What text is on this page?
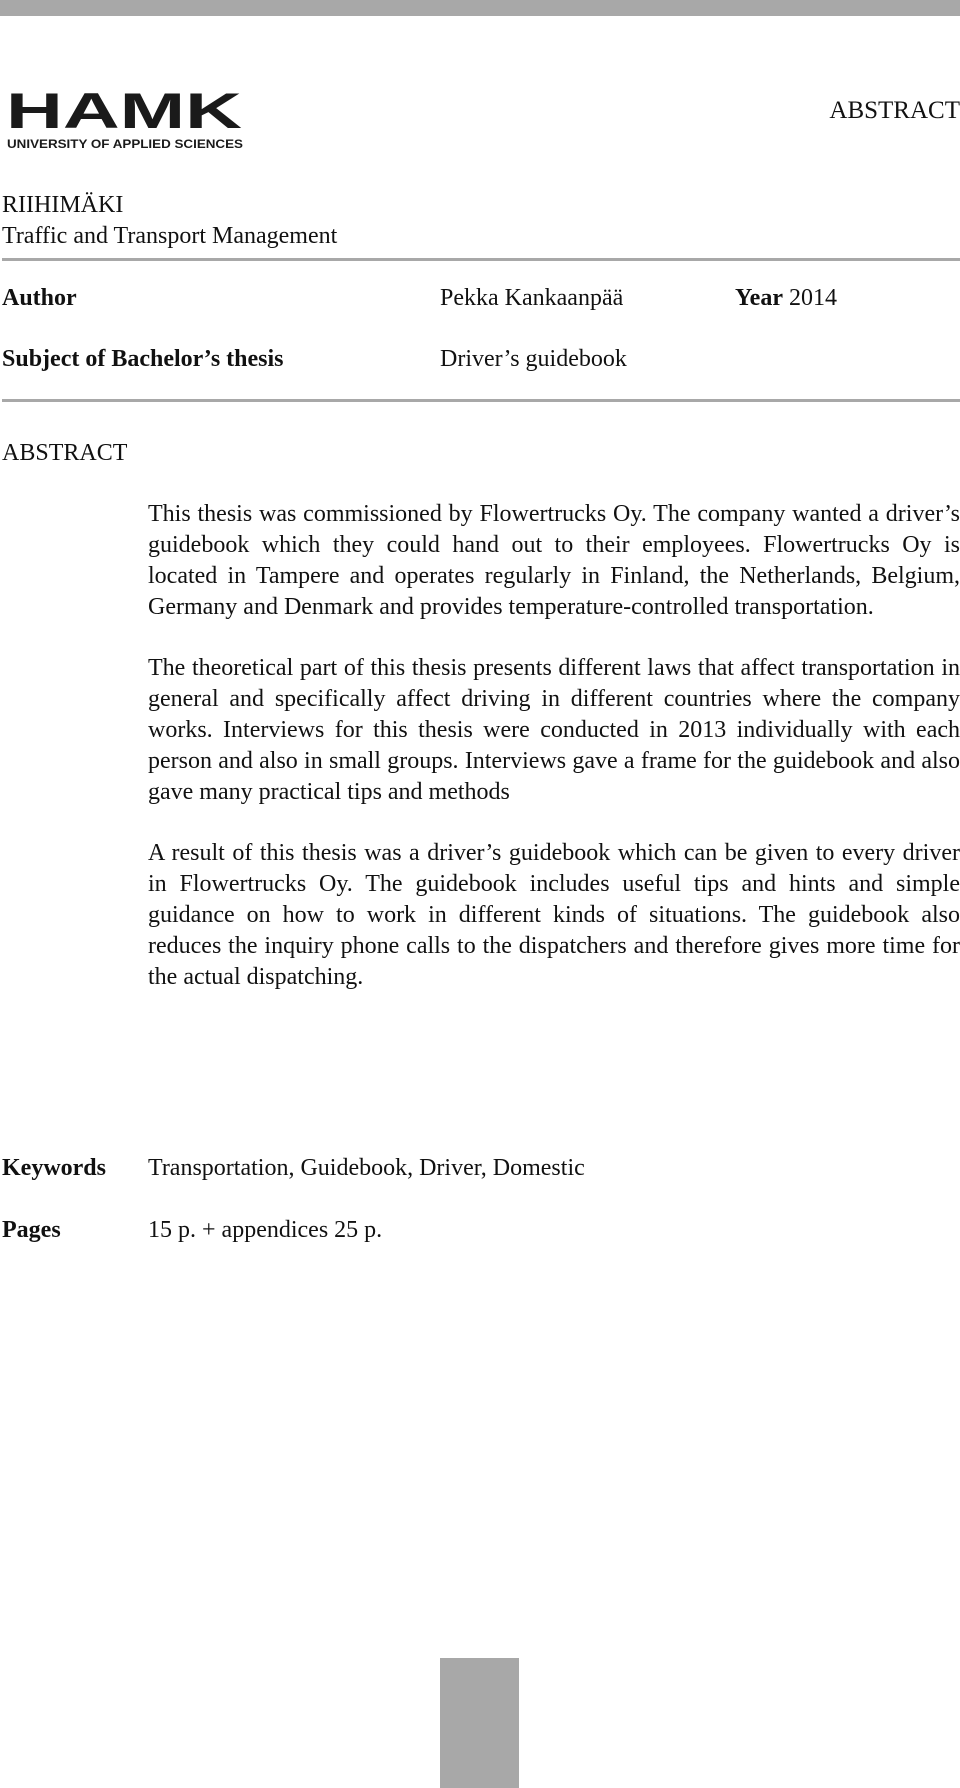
HAMK
UNIVERSITY OF APPLIED SCIENCES
ABSTRACT
RIIHIMÄKI
Traffic and Transport Management
Author	Pekka Kankaanpää	Year 2014
Subject of Bachelor’s thesis	Driver’s guidebook
ABSTRACT

This thesis was commissioned by Flowertrucks Oy. The company wanted a driver’s guidebook which they could hand out to their employees. Flowertrucks Oy is located in Tampere and operates regularly in Finland, the Netherlands, Belgium, Germany and Denmark and provides temperature-controlled transportation.

The theoretical part of this thesis presents different laws that affect transportation in general and specifically affect driving in different countries where the company works. Interviews for this thesis were conducted in 2013 individually with each person and also in small groups. Interviews gave a frame for the guidebook and also gave many practical tips and methods

A result of this thesis was a driver’s guidebook which can be given to every driver in Flowertrucks Oy. The guidebook includes useful tips and hints and simple guidance on how to work in different kinds of situations. The guidebook also reduces the inquiry phone calls to the dispatchers and therefore gives more time for the actual dispatching.

Keywords Transportation, Guidebook, Driver, Domestic
Pages	15 p. + appendices 25 p.
